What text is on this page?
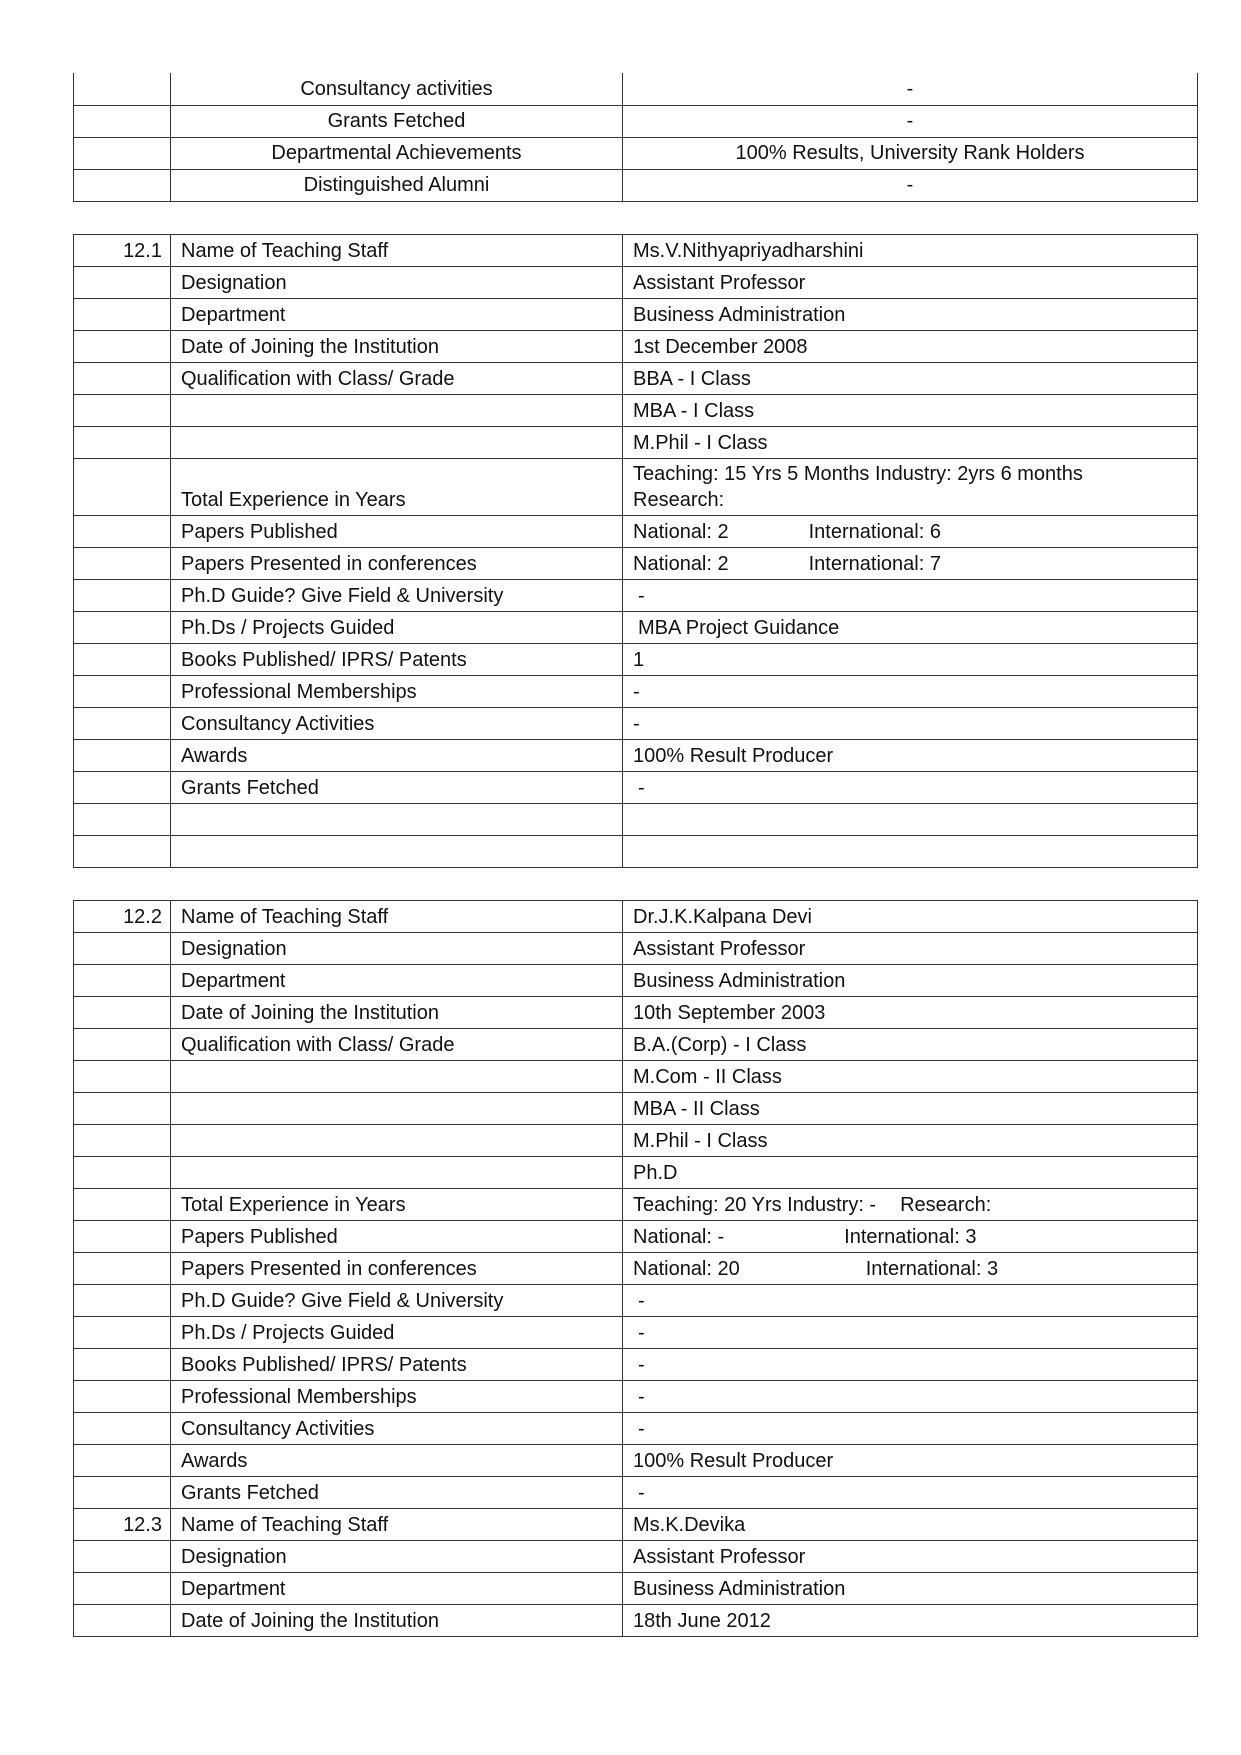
	Consultancy activities	-
	Grants Fetched	-
	Departmental Achievements	100% Results, University Rank Holders
	Distinguished Alumni	-
12.1	Name of Teaching Staff	Ms.V.Nithyapriyadharshini
	Designation	Assistant Professor
	Department	Business Administration
	Date of Joining the Institution	1st December 2008
	Qualification with Class/ Grade	BBA - I Class
		MBA - I Class
		M.Phil - I Class
	Total Experience in Years	Teaching: 15 Yrs 5 Months Industry: 2yrs 6 months
Research:

	Papers Published	National: 2 International: 6
	Papers Presented in conferences	National: 2 International: 7
	Ph.D Guide? Give Field & University	-
	Ph.Ds / Projects Guided	MBA Project Guidance
	Books Published/ IPRS/ Patents	1
	Professional Memberships	-
	Consultancy Activities	-
	Awards	100% Result Producer
	Grants Fetched	-

12.2	Name of Teaching Staff	Dr.J.K.Kalpana Devi
	Designation	Assistant Professor
	Department	Business Administration
	Date of Joining the Institution	10th September 2003
	Qualification with Class/ Grade	B.A.(Corp) - I Class
		M.Com - II Class
		MBA - II Class
		M.Phil - I Class
		Ph.D
	Total Experience in Years	Teaching: 20 Yrs Industry: - Research:
	Papers Published	National: - International: 3
	Papers Presented in conferences	National: 20 International: 3
	Ph.D Guide? Give Field & University	-
	Ph.Ds / Projects Guided	-
	Books Published/ IPRS/ Patents	-
	Professional Memberships	-
	Consultancy Activities	-
	Awards	100% Result Producer
	Grants Fetched	-
12.3	Name of Teaching Staff	Ms.K.Devika
	Designation	Assistant Professor
	Department	Business Administration
	Date of Joining the Institution	18th June 2012
